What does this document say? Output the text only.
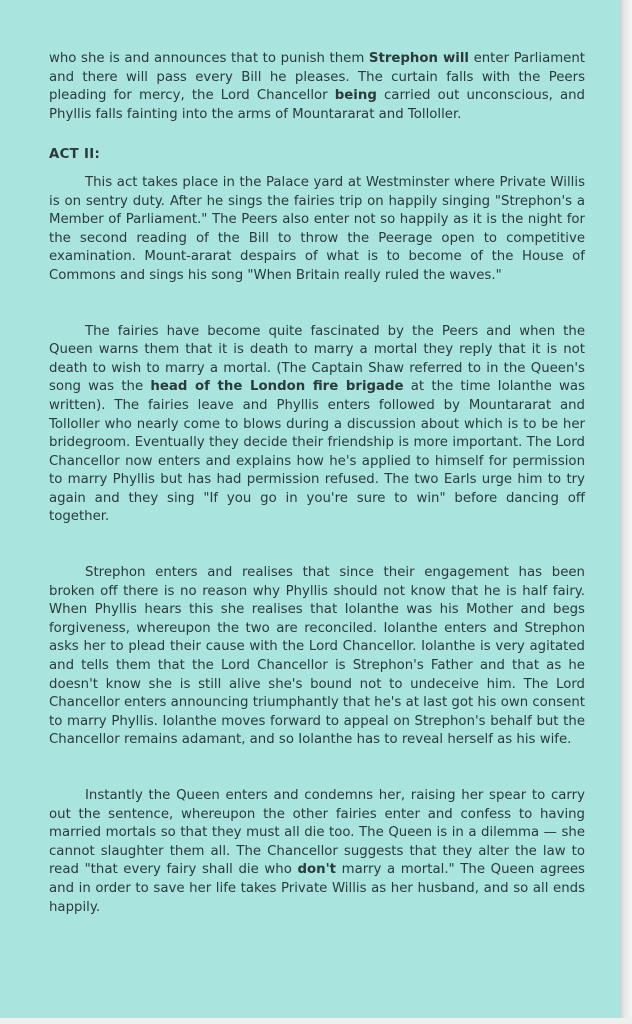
who she is and announces that to punish them Strephon will enter Parliament and there will pass every Bill he pleases. The curtain falls with the Peers pleading for mercy, the Lord Chancellor being carried out unconscious, and Phyllis falls fainting into the arms of Mountararat and Tolloller.

ACT II:

This act takes place in the Palace yard at Westminster where Private Willis is on sentry duty. After he sings the fairies trip on happily singing "Strephon's a Member of Parliament." The Peers also enter not so happily as it is the night for the second reading of the Bill to throw the Peerage open to competitive examination. Mount-ararat despairs of what is to become of the House of Commons and sings his song "When Britain really ruled the waves."

The fairies have become quite fascinated by the Peers and when the Queen warns them that it is death to marry a mortal they reply that it is not death to wish to marry a mortal. (The Captain Shaw referred to in the Queen's song was the head of the London fire brigade at the time Iolanthe was written). The fairies leave and Phyllis enters followed by Mountararat and Tolloller who nearly come to blows during a discussion about which is to be her bridegroom. Eventually they decide their friendship is more important. The Lord Chancellor now enters and explains how he's applied to himself for permission to marry Phyllis but has had permission refused. The two Earls urge him to try again and they sing "If you go in you're sure to win" before dancing off together.

Strephon enters and realises that since their engagement has been broken off there is no reason why Phyllis should not know that he is half fairy. When Phyllis hears this she realises that Iolanthe was his Mother and begs forgiveness, whereupon the two are reconciled. Iolanthe enters and Strephon asks her to plead their cause with the Lord Chancellor. Iolanthe is very agitated and tells them that the Lord Chancellor is Strephon's Father and that as he doesn't know she is still alive she's bound not to undeceive him. The Lord Chancellor enters announcing triumphantly that he's at last got his own consent to marry Phyllis. Iolanthe moves forward to appeal on Strephon's behalf but the Chancellor remains adamant, and so Iolanthe has to reveal herself as his wife.

Instantly the Queen enters and condemns her, raising her spear to carry out the sentence, whereupon the other fairies enter and confess to having married mortals so that they must all die too. The Queen is in a dilemma — she cannot slaughter them all. The Chancellor suggests that they alter the law to read "that every fairy shall die who don't marry a mortal." The Queen agrees and in order to save her life takes Private Willis as her husband, and so all ends happily.
